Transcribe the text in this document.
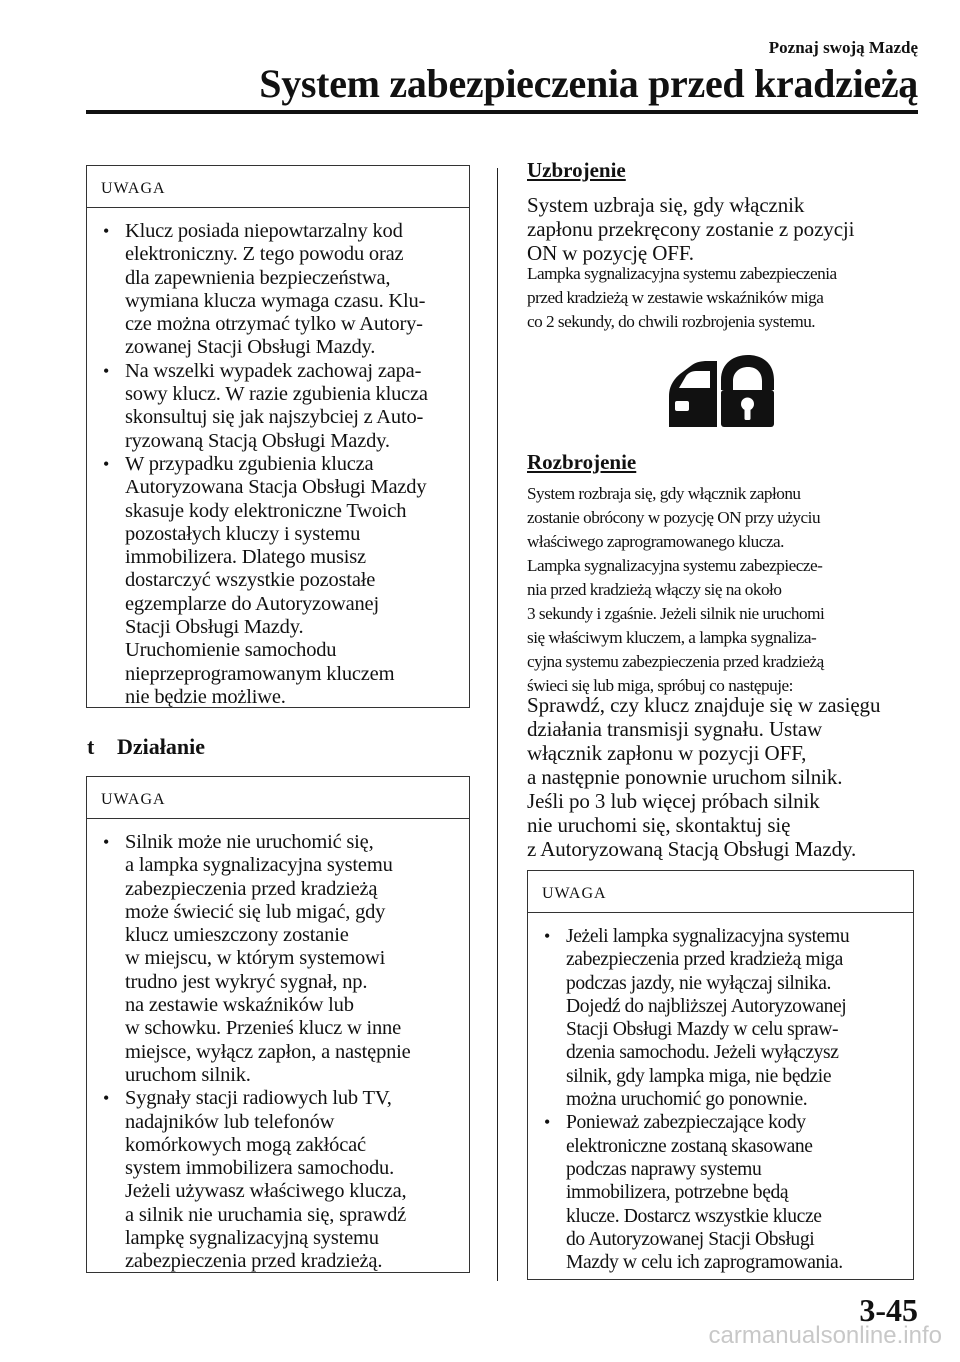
Poznaj swoją Mazdę
System zabezpieczenia przed kradzieżą
UWAGA
• Klucz posiada niepowtarzalny kod
elektroniczny. Z tego powodu oraz
dla zapewnienia bezpieczeństwa,
wymiana klucza wymaga czasu. Klu-
cze można otrzymać tylko w Autory-
zowanej Stacji Obsługi Mazdy.
• Na wszelki wypadek zachowaj zapa-
sowy klucz. W razie zgubienia klucza
skonsultuj się jak najszybciej z Auto-
ryzowaną Stacją Obsługi Mazdy.
• W przypadku zgubienia klucza
Autoryzowana Stacja Obsługi Mazdy
skasuje kody elektroniczne Twoich
pozostałych kluczy i systemu
immobilizera. Dlatego musisz
dostarczyć wszystkie pozostałe
egzemplarze do Autoryzowanej
Stacji Obsługi Mazdy.
Uruchomienie samochodu
nieprzeprogramowanym kluczem
nie będzie możliwe.
t Działanie
UWAGA
• Silnik może nie uruchomić się,
a lampka sygnalizacyjna systemu
zabezpieczenia przed kradzieżą
może świecić się lub migać, gdy
klucz umieszczony zostanie
w miejscu, w którym systemowi
trudno jest wykryć sygnał, np.
na zestawie wskaźników lub
w schowku. Przenieś klucz w inne
miejsce, wyłącz zapłon, a następnie
uruchom silnik.
• Sygnały stacji radiowych lub TV,
nadajników lub telefonów
komórkowych mogą zakłócać
system immobilizera samochodu.
Jeżeli używasz właściwego klucza,
a silnik nie uruchamia się, sprawdź
lampkę sygnalizacyjną systemu
zabezpieczenia przed kradzieżą.
Uzbrojenie

System uzbraja się, gdy włącznik
zapłonu przekręcony zostanie z pozycji
ON w pozycję OFF.

Lampka sygnalizacyjna systemu zabezpieczenia
przed kradzieżą w zestawie wskaźników miga
co 2 sekundy, do chwili rozbrojenia systemu.

Rozbrojenie

System rozbraja się, gdy włącznik zapłonu
zostanie obrócony w pozycję ON przy użyciu
właściwego zaprogramowanego klucza.
Lampka sygnalizacyjna systemu zabezpiecze-
nia przed kradzieżą włączy się na około
3 sekundy i zgaśnie. Jeżeli silnik nie uruchomi
się właściwym kluczem, a lampka sygnaliza-
cyjna systemu zabezpieczenia przed kradzieżą
świeci się lub miga, spróbuj co następuje:

Sprawdź, czy klucz znajduje się w zasięgu
działania transmisji sygnału. Ustaw
włącznik zapłonu w pozycji OFF,
a następnie ponownie uruchom silnik.
Jeśli po 3 lub więcej próbach silnik
nie uruchomi się, skontaktuj się
z Autoryzowaną Stacją Obsługi Mazdy.

UWAGA
• Jeżeli lampka sygnalizacyjna systemu
zabezpieczenia przed kradzieżą miga
podczas jazdy, nie wyłączaj silnika.
Dojedź do najbliższej Autoryzowanej
Stacji Obsługi Mazdy w celu spraw-
dzenia samochodu. Jeżeli wyłączysz
silnik, gdy lampka miga, nie będzie
można uruchomić go ponownie.
• Ponieważ zabezpieczające kody
elektroniczne zostaną skasowane
podczas naprawy systemu
immobilizera, potrzebne będą
klucze. Dostarcz wszystkie klucze
do Autoryzowanej Stacji Obsługi
Mazdy w celu ich zaprogramowania.
3-45
carmanualsonline.info
